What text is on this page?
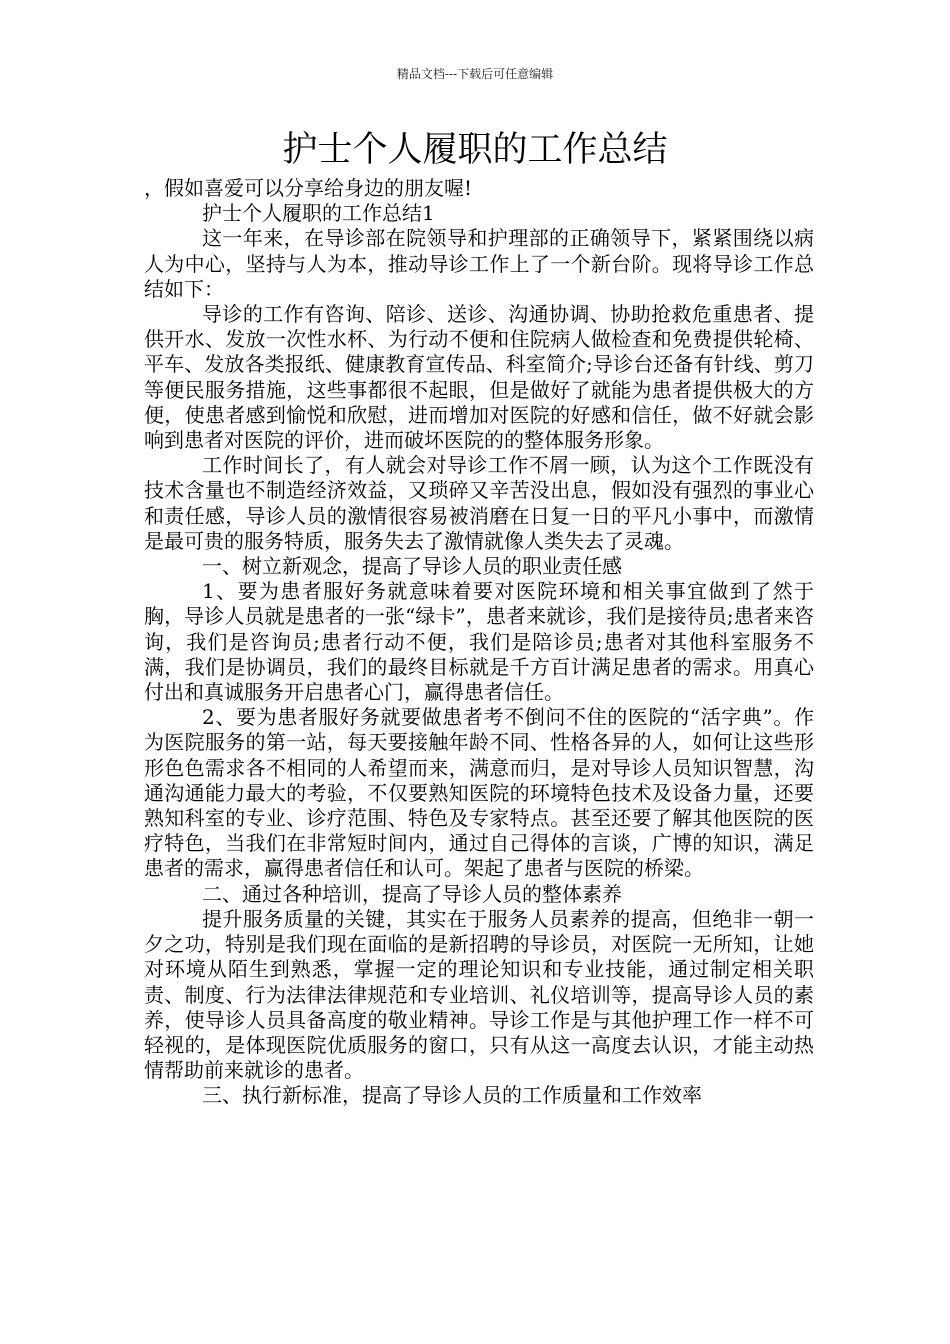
精品文档---下载后可任意编辑
护士个人履职的工作总结

，假如喜爱可以分享给身边的朋友喔!

护士个人履职的工作总结1

这一年来，在导诊部在院领导和护理部的正确领导下，紧紧围绕以病人为中心，坚持与人为本，推动导诊工作上了一个新台阶。现将导诊工作总结如下：

导诊的工作有咨询、陪诊、送诊、沟通协调、协助抢救危重患者、提供开水、发放一次性水杯、为行动不便和住院病人做检查和免费提供轮椅、平车、发放各类报纸、健康教育宣传品、科室简介;导诊台还备有针线、剪刀等便民服务措施，这些事都很不起眼，但是做好了就能为患者提供极大的方便，使患者感到愉悦和欣慰，进而增加对医院的好感和信任，做不好就会影响到患者对医院的评价，进而破坏医院的的整体服务形象。

工作时间长了，有人就会对导诊工作不屑一顾，认为这个工作既没有技术含量也不制造经济效益，又琐碎又辛苦没出息，假如没有强烈的事业心和责任感，导诊人员的激情很容易被消磨在日复一日的平凡小事中，而激情是最可贵的服务特质，服务失去了激情就像人类失去了灵魂。

一、树立新观念，提高了导诊人员的职业责任感

1、要为患者服好务就意味着要对医院环境和相关事宜做到了然于胸，导诊人员就是患者的一张“绿卡”，患者来就诊，我们是接待员;患者来咨询，我们是咨询员;患者行动不便，我们是陪诊员;患者对其他科室服务不满，我们是协调员，我们的最终目标就是千方百计满足患者的需求。用真心付出和真诚服务开启患者心门，赢得患者信任。

2、要为患者服好务就要做患者考不倒问不住的医院的“活字典”。作为医院服务的第一站，每天要接触年龄不同、性格各异的人，如何让这些形形色色需求各不相同的人希望而来，满意而归，是对导诊人员知识智慧，沟通沟通能力最大的考验，不仅要熟知医院的环境特色技术及设备力量，还要熟知科室的专业、诊疗范围、特色及专家特点。甚至还要了解其他医院的医疗特色，当我们在非常短时间内，通过自己得体的言谈，广博的知识，满足患者的需求，赢得患者信任和认可。架起了患者与医院的桥梁。

二、通过各种培训，提高了导诊人员的整体素养

提升服务质量的关键，其实在于服务人员素养的提高，但绝非一朝一夕之功，特别是我们现在面临的是新招聘的导诊员，对医院一无所知，让她对环境从陌生到熟悉，掌握一定的理论知识和专业技能，通过制定相关职责、制度、行为法律法律规范和专业培训、礼仪培训等，提高导诊人员的素养，使导诊人员具备高度的敬业精神。导诊工作是与其他护理工作一样不可轻视的，是体现医院优质服务的窗口，只有从这一高度去认识，才能主动热情帮助前来就诊的患者。

三、执行新标准，提高了导诊人员的工作质量和工作效率
